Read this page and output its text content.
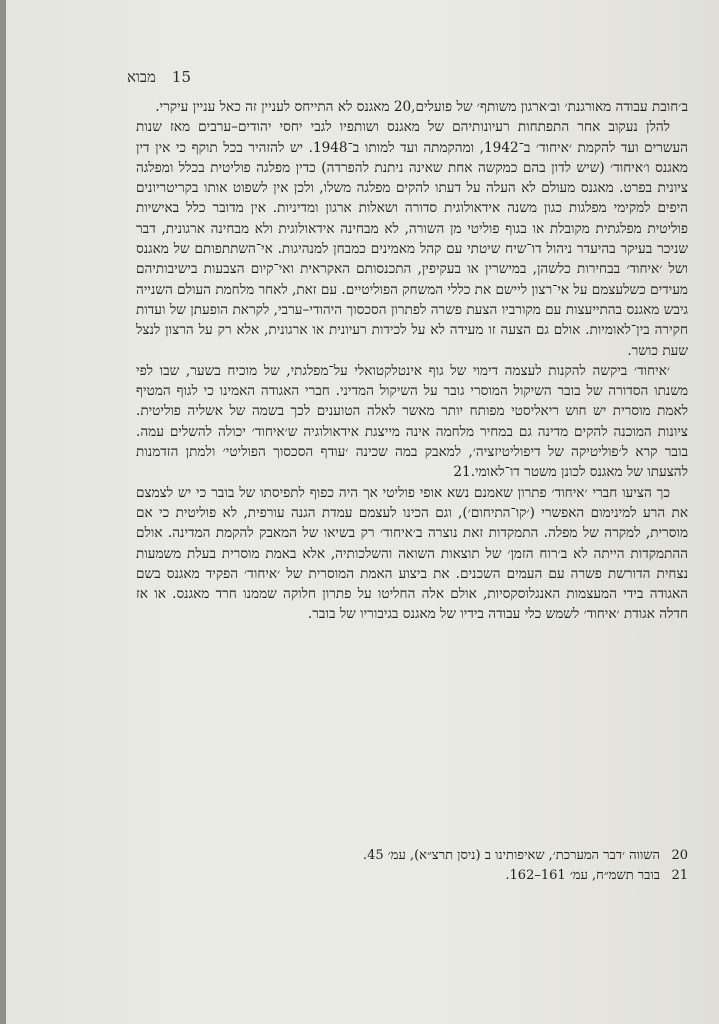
15מבוא

ב׳חובת עבודה מאורגנת׳ וב׳ארגון משותף׳ של פועלים,20 מאגנס לא התייחס לעניין זה כאל עניין עיקרי.

להלן נעקוב אחר התפתחות רעיונותיהם של מאגנס ושותפיו לגבי יחסי יהודים–ערבים מאז שנות העשרים ועד להקמת ׳איחוד׳ ב־1942, ומהקמתה ועד למותו ב־1948. יש להזהיר בכל תוקף כי אין דין מאגנס ו׳איחוד׳ (שיש לדון בהם כמקשה אחת שאינה ניתנת להפרדה) כדין מפלגה פוליטית בכלל ומפלגה ציונית בפרט. מאגנס מעולם לא העלה על דעתו להקים מפלגה משלו, ולכן אין לשפוט אותו בקריטריונים היפים למקימי מפלגות כגון משנה אידאולוגית סדורה ושאלות ארגון ומדיניות. אין מדובר כלל באישיות פוליטית מפלגתית מקובלת או בגוף פוליטי מן השורה, לא מבחינה אידאולוגית ולא מבחינה ארגונית, דבר שניכר בעיקר בהיעדר ניהול דו־שיח שיטתי עם קהל מאמינים כמבחן למנהיגות. אי־השתתפותם של מאגנס ושל ׳איחוד׳ בבחירות כלשהן, במישרין או בעקיפין, התכנסותם האקראית ואי־קיום הצבעות בישיבותיהם מעידים כשלעצמם על אי־רצון ליישם את כללי המשחק הפוליטיים. עם זאת, לאחר מלחמת העולם השנייה גיבש מאגנס בהתייעצות עם מקורביו הצעת פשרה לפתרון הסכסוך היהודי–ערבי, לקראת הופעתן של ועדות חקירה בין־לאומיות. אולם גם הצעה זו מעידה לא על לכידות רעיונית או ארגונית, אלא רק על הרצון לנצל שעת כושר.

׳איחוד׳ ביקשה להקנות לעצמה דימוי של גוף אינטלקטואלי על־מפלגתי, של מוכיח בשער, שבו לפי משנתו הסדורה של בובר השיקול המוסרי גובר על השיקול המדיני. חברי האגודה האמינו כי לגוף המטיף לאמת מוסרית יש חוש ריאליסטי מפותח יותר מאשר לאלה הטוענים לכך בשמה של אשליה פוליטית. ציונות המוכנה להקים מדינה גם במחיר מלחמה אינה מייצגת אידאולוגיה ש׳איחוד׳ יכולה להשלים עמה. בובר קרא ל׳פוליטיקה של דיפוליטיזציה׳, למאבק במה שכינה ׳עודף הסכסוך הפוליטי׳ ולמתן הזדמנות להצעתו של מאגנס לכונן משטר דו־לאומי.21

כך הציעו חברי ׳איחוד׳ פתרון שאמנם נשא אופי פוליטי אך היה כפוף לתפיסתו של בובר כי יש לצמצם את הרע למינימום האפשרי (׳קו־התיחום׳), וגם הכינו לעצמם עמדת הגנה עורפית, לא פוליטית כי אם מוסרית, למקרה של מפלה. התמקדות זאת נוצרה ב׳איחוד׳ רק בשיאו של המאבק להקמת המדינה. אולם ההתמקדות הייתה לא ב׳רוח הזמן׳ של תוצאות השואה והשלכותיה, אלא באמת מוסרית בעלת משמעות נצחית הדורשת פשרה עם העמים השכנים. את ביצוע האמת המוסרית של ׳איחוד׳ הפקיד מאגנס בשם האגודה בידי המעצמות האנגלוסקסיות, אולם אלה החליטו על פתרון חלוקה שממנו חרד מאגנס. או אז חדלה אגודת ׳איחוד׳ לשמש כלי עבודה בידיו של מאגנס בגיבוריו של בובר.

20השווה ׳דבר המערכת׳, שאיפותינו ב (ניסן תרצ״א), עמ׳ 45.
21בובר תשמ״ח, עמ׳ 161–162.
